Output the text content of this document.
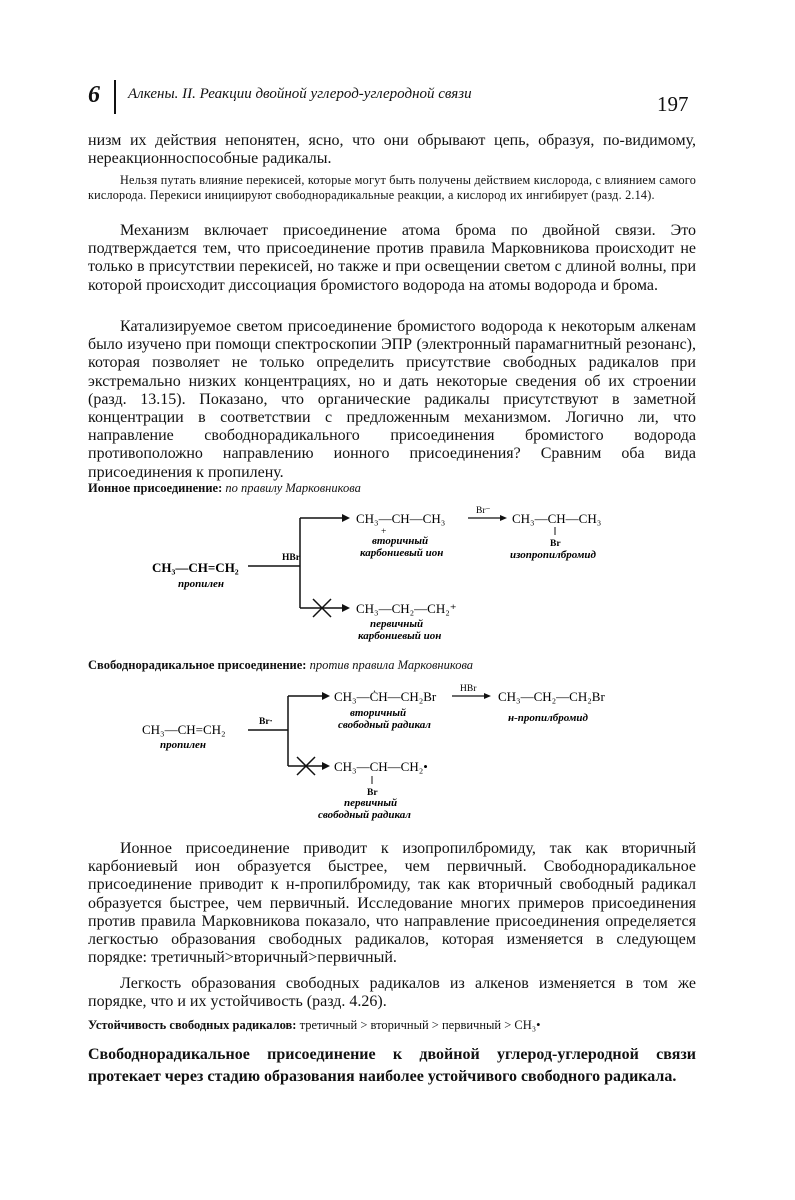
6 Алкены. II. Реакции двойной углерод-углеродной связи	197
низм их действия непонятен, ясно, что они обрывают цепь, образуя, по-видимому, нереакционноспособные радикалы.
Нельзя путать влияние перекисей, которые могут быть получены действием кислорода, с влиянием самого кислорода. Перекиси инициируют свободнорадикальные реакции, а кислород их ингибирует (разд. 2.14).
Механизм включает присоединение атома брома по двойной связи. Это подтверждается тем, что присоединение против правила Марковникова происходит не только в присутствии перекисей, но также и при освещении светом с длиной волны, при которой происходит диссоциация бромистого водорода на атомы водорода и брома.
Катализируемое светом присоединение бромистого водорода к некоторым алкенам было изучено при помощи спектроскопии ЭПР (электронный парамагнитный резонанс), которая позволяет не только определить присутствие свободных радикалов при экстремально низких концентрациях, но и дать некоторые сведения об их строении (разд. 13.15). Показано, что органические радикалы присутствуют в заметной концентрации в соответствии с предложенным механизмом. Логично ли, что направление свободнорадикального присоединения бромистого водорода противоположно направлению ионного присоединения? Сравним оба вида присоединения к пропилену.
Ионное присоединение: по правилу Марковникова
CH₃—CH=CH₂
пропилен
HBr
CH₃—CH—CH₃
+
вторичный
карбониевый ион
Br⁻ CH₃—CH—CH₃
Br
изопропилбромид
CH₃—CH₂—CH₂⁺
первичный
карбониевый ион
Свободнорадикальное присоединение: против правила Марковникова
CH₃—CH=CH₂
пропилен
Br·
CH₃—ĊH—CH₂Br
вторичный
свободный радикал
HBr CH₃—CH₂—CH₂Br
н-пропилбромид
CH₃—CH—CH₂•
Br
первичный
свободный радикал
Ионное присоединение приводит к изопропилбромиду, так как вторичный карбониевый ион образуется быстрее, чем первичный. Свободнорадикальное присоединение приводит к н-пропилбромиду, так как вторичный свободный радикал образуется быстрее, чем первичный. Исследование многих примеров присоединения против правила Марковникова показало, что направление присоединения определяется легкостью образования свободных радикалов, которая изменяется в следующем порядке: третичный>вторичный>первичный.
Легкость образования свободных радикалов из алкенов изменяется в том же порядке, что и их устойчивость (разд. 4.26).
Устойчивость свободных радикалов: третичный > вторичный > первичный > CH₃•
Свободнорадикальное присоединение к двойной углерод-углеродной связи протекает через стадию образования наиболее устойчивого свободного радикала.
